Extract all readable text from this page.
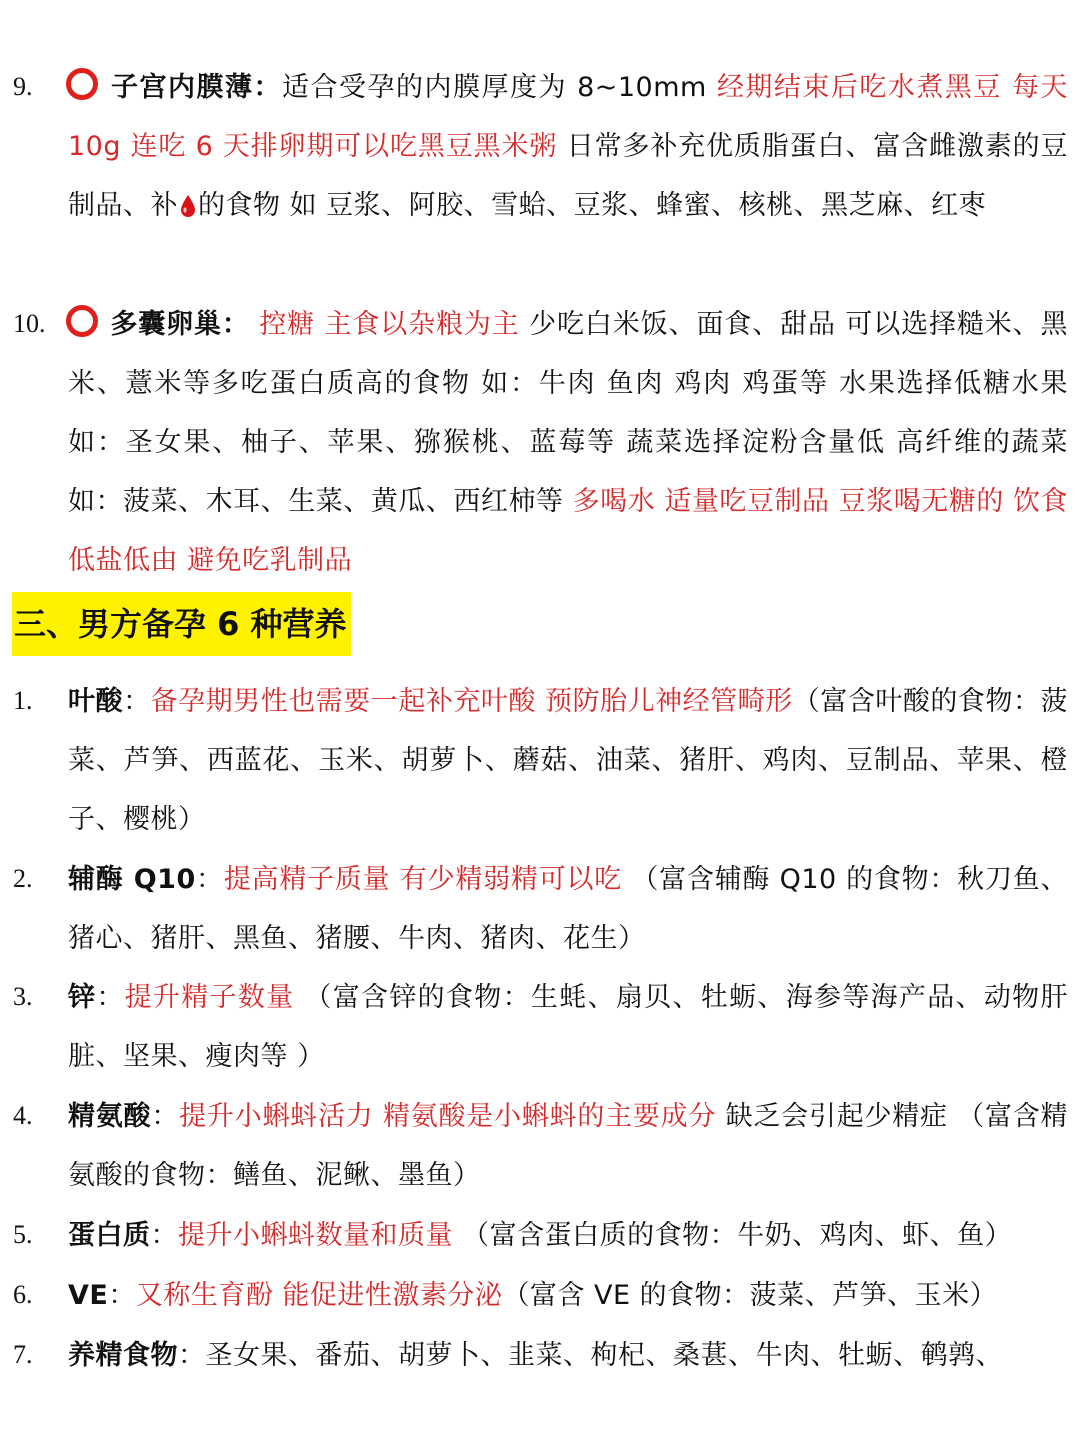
9.	子宫内膜薄：适合受孕的内膜厚度为 8~10mm 经期结束后吃水煮黑豆 每天 10g 连吃 6 天排卵期可以吃黑豆黑米粥 日常多补充优质脂蛋白、富含雌激素的豆制品、补 的食物 如 豆浆、阿胶、雪蛤、豆浆、蜂蜜、核桃、黑芝麻、红枣
10.	多囊卵巢： 控糖 主食以杂粮为主 少吃白米饭、面食、甜品 可以选择糙米、黑米、薏米等多吃蛋白质高的食物 如：牛肉 鱼肉 鸡肉 鸡蛋等 水果选择低糖水果 如：圣女果、柚子、苹果、猕猴桃、蓝莓等 蔬菜选择淀粉含量低 高纤维的蔬菜 如：菠菜、木耳、生菜、黄瓜、西红柿等 多喝水 适量吃豆制品 豆浆喝无糖的 饮食低盐低由 避免吃乳制品
三、男方备孕 6 种营养
1. 叶酸：备孕期男性也需要一起补充叶酸 预防胎儿神经管畸形（富含叶酸的食物：菠菜、芦笋、西蓝花、玉米、胡萝卜、蘑菇、油菜、猪肝、鸡肉、豆制品、苹果、橙子、樱桃）
2. 辅酶 Q10：提高精子质量 有少精弱精可以吃 （富含辅酶 Q10 的食物：秋刀鱼、猪心、猪肝、黑鱼、猪腰、牛肉、猪肉、花生）
3. 锌：提升精子数量 （富含锌的食物：生蚝、扇贝、牡蛎、海参等海产品、动物肝脏、坚果、瘦肉等 ）
4. 精氨酸：提升小蝌蚪活力 精氨酸是小蝌蚪的主要成分 缺乏会引起少精症 （富含精氨酸的食物：鳝鱼、泥鳅、墨鱼）
5. 蛋白质：提升小蝌蚪数量和质量 （富含蛋白质的食物：牛奶、鸡肉、虾、鱼）
6. VE：又称生育酚 能促进性激素分泌（富含 VE 的食物：菠菜、芦笋、玉米）
7. 养精食物：圣女果、番茄、胡萝卜、韭菜、枸杞、桑葚、牛肉、牡蛎、鹌鹑、
